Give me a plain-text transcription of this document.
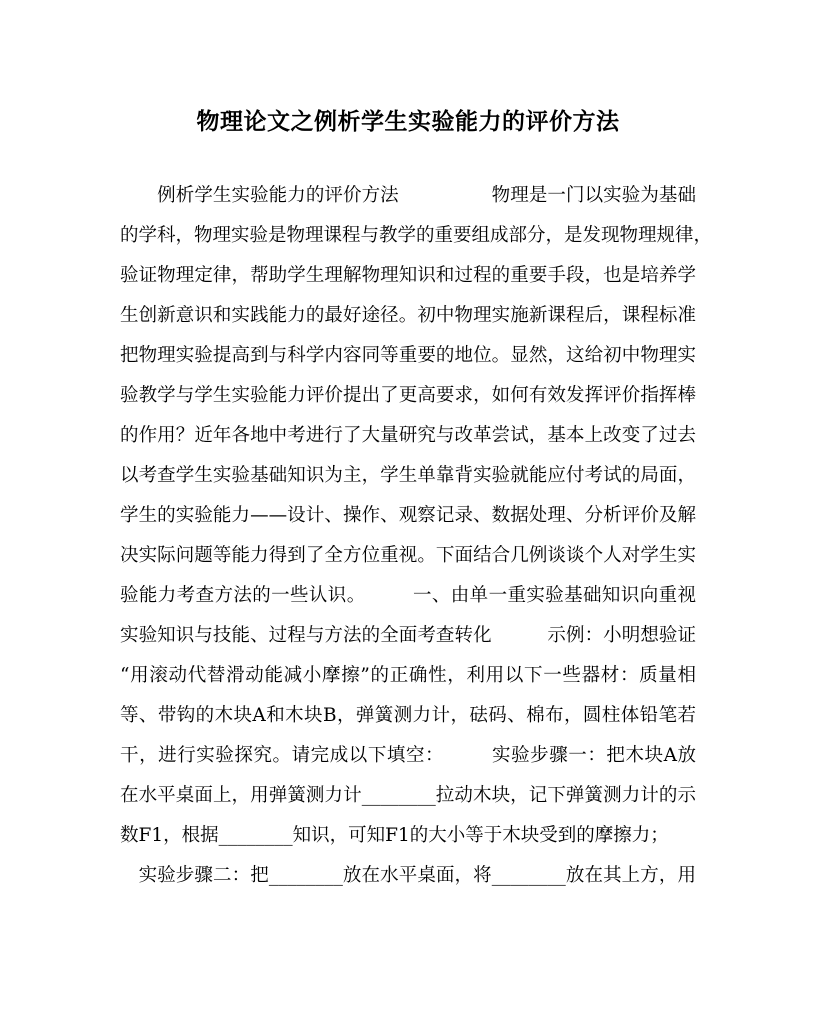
物理论文之例析学生实验能力的评价方法
　　例析学生实验能力的评价方法　　　　　物理是一门以实验为基础
的学科，物理实验是物理课程与教学的重要组成部分，是发现物理规律，
验证物理定律，帮助学生理解物理知识和过程的重要手段，也是培养学
生创新意识和实践能力的最好途径。初中物理实施新课程后，课程标准
把物理实验提高到与科学内容同等重要的地位。显然，这给初中物理实
验教学与学生实验能力评价提出了更高要求，如何有效发挥评价指挥棒
的作用？近年各地中考进行了大量研究与改革尝试，基本上改变了过去
以考查学生实验基础知识为主，学生单靠背实验就能应付考试的局面，
学生的实验能力——设计、操作、观察记录、数据处理、分析评价及解
决实际问题等能力得到了全方位重视。下面结合几例谈谈个人对学生实
验能力考查方法的一些认识。　　　一、由单一重实验基础知识向重视
实验知识与技能、过程与方法的全面考查转化　　　示例：小明想验证
“用滚动代替滑动能减小摩擦”的正确性，利用以下一些器材：质量相
等、带钩的木块A和木块B，弹簧测力计，砝码、棉布，圆柱体铅笔若
干，进行实验探究。请完成以下填空：　　　实验步骤一：把木块A放
在水平桌面上，用弹簧测力计________拉动木块，记下弹簧测力计的示
数F1，根据________知识，可知F1的大小等于木块受到的摩擦力；
　实验步骤二：把________放在水平桌面，将________放在其上方，用
